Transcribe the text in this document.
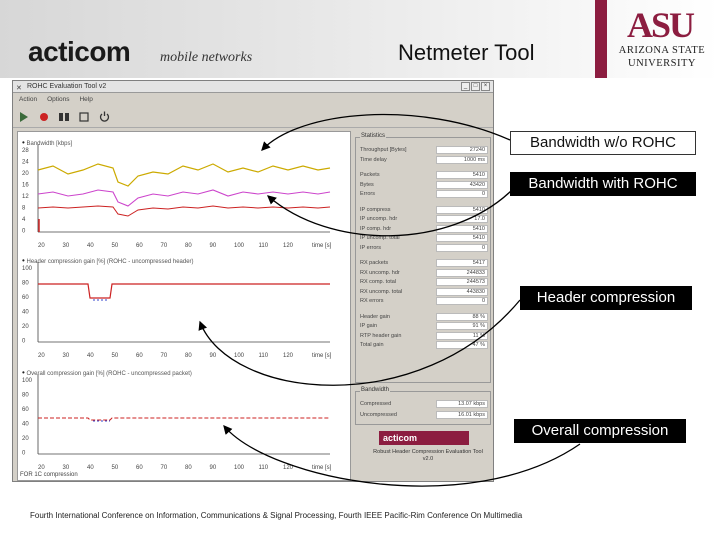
acticom mobile networks	Netmeter Tool
ASU
ARIZONA STATE
UNIVERSITY
✕ ROHC Evaluation Tool v2	_	□	×
Action Options Help
• Bandwidth [kbps]
28
24
20
16
12
8
4
0
20	30	40	50	60	70	80	90	100 110 120	time [s]
• Header compression gain [%] (ROHC - uncompressed header)
100
80
60
40
20
0
20	30	40	50	60	70	80	90	100 110 120	time [s]
• Overall compression gain [%] (ROHC - uncompressed packet)
100
80
60
40
20
0
20	30	40	50	60	70	80	90	100 110 120	time [s]
FOR 1C compression
Statistics
Throughput [Bytes]	27240
Time delay	1000 ms
Packets	5410
Bytes	43420
Errors	0
IP compress	5410
IP uncomp. hdr	17.0
IP comp. hdr	5410
IP uncomp. total	5410
IP errors	0
RX packets	5417
RX uncomp. hdr	244833
RX comp. total	244573
RX uncomp. total	443830
RX errors	0
Header gain	88 %
IP gain	91 %
RTP header gain	11 %
Total gain	47 %
Bandwidth
Compressed	13.07 kbps
Uncompressed	16.01 kbps
acticom
Robust Header Compression Evaluation Tool v2.0
Bandwidth w/o ROHC
Bandwidth with ROHC
Header compression
Overall compression
Fourth International Conference on Information, Communications & Signal Processing, Fourth IEEE Pacific-Rim Conference On Multimedia
